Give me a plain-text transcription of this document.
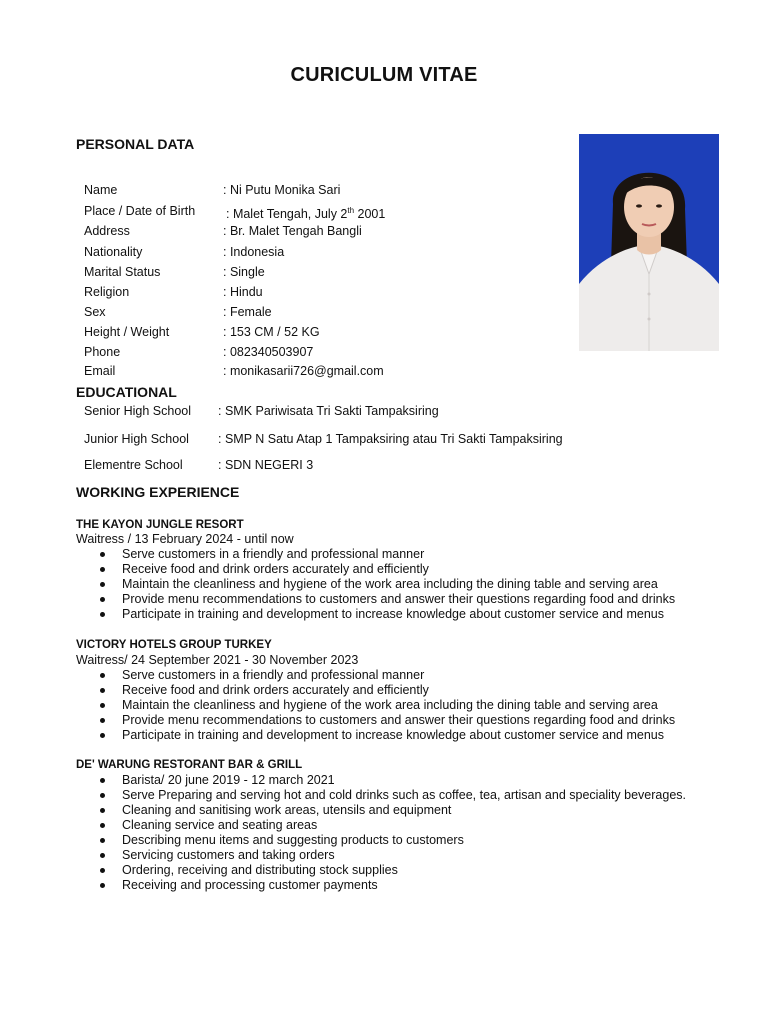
CURICULUM VITAE
PERSONAL DATA
Name	: Ni Putu Monika Sari
Place / Date of Birth : Malet Tengah, July 2th 2001
Address	: Br. Malet Tengah Bangli
Nationality	: Indonesia
Marital Status	: Single
Religion	: Hindu
Sex	: Female
Height / Weight	: 153 CM / 52 KG
Phone	: 082340503907
Email	: monikasarii726@gmail.com
EDUCATIONAL
Senior High School : SMK Pariwisata Tri Sakti Tampaksiring
Junior High School : SMP N Satu Atap 1 Tampaksiring atau Tri Sakti Tampaksiring
Elementre School	: SDN NEGERI 3
WORKING EXPERIENCE
THE KAYON JUNGLE RESORT
Waitress / 13 February 2024 - until now
Serve customers in a friendly and professional manner
Receive food and drink orders accurately and efficiently
Maintain the cleanliness and hygiene of the work area including the dining table and serving area
Provide menu recommendations to customers and answer their questions regarding food and drinks
Participate in training and development to increase knowledge about customer service and menus
VICTORY HOTELS GROUP TURKEY
Waitress/ 24 September 2021 - 30 November 2023
Serve customers in a friendly and professional manner
Receive food and drink orders accurately and efficiently
Maintain the cleanliness and hygiene of the work area including the dining table and serving area
Provide menu recommendations to customers and answer their questions regarding food and drinks
Participate in training and development to increase knowledge about customer service and menus
DE' WARUNG RESTORANT BAR & GRILL
Barista/ 20 june 2019 - 12 march 2021
Serve Preparing and serving hot and cold drinks such as coffee, tea, artisan and speciality beverages.
Cleaning and sanitising work areas, utensils and equipment
Cleaning service and seating areas
Describing menu items and suggesting products to customers
Servicing customers and taking orders
Ordering, receiving and distributing stock supplies
Receiving and processing customer payments
